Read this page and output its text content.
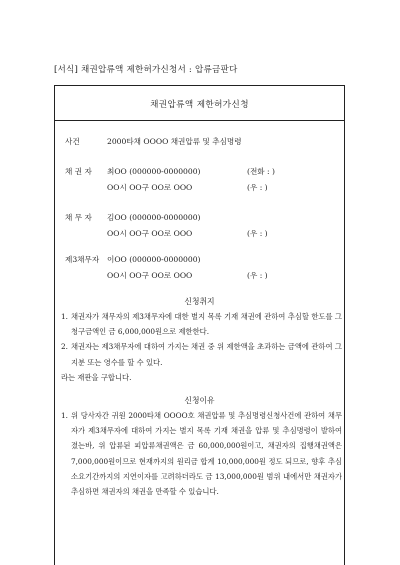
[서식] 채권압류액 제한허가신청서 : 압류금판다
채권압류액 제한허가신청
사건	2000타채 OOOO 채권압류 및 추심명령
채 권 자 최OO (000000-0000000)	(전화 : )
OO시 OO구 OO로 OOO	(우 : )
채 무 자 김OO (000000-0000000)
OO시 OO구 OO로 OOO	(우 : )
제3채무자 이OO (000000-0000000)
OO시 OO구 OO로 OOO	(우 : )
신청취지
1. 채권자가 채무자의 제3채무자에 대한 별지 목록 기재 채권에 관하여 추심할 한도를 그 청구금액인 금 6,000,000원으로 제한한다.
2. 채권자는 제3채무자에 대하여 가지는 채권 중 위 제한액을 초과하는 금액에 관하여 그 지분 또는 영수를 할 수 있다.
라는 재판을 구합니다.
신청이유
1. 위 당사자간 귀원 2000타채 OOOO호 채권압류 및 추심명령신청사건에 관하여 채무자가 제3채무자에 대하여 가지는 별지 목록 기재 채권을 압류 및 추심명령이 발하여 졌는바, 위 압류된 피압류채권액은 금 60,000,000원이고, 채권자의 집행채권액은 7,000,000원이므로 현재까지의 원리금 합계 10,000,000원 정도 되므로, 향후 추심소요기간까지의 지연이자를 고려하더라도 금 13,000,000원 범위 내에서만 채권자가 추심하면 채권자의 채권을 만족할 수 있습니다.
